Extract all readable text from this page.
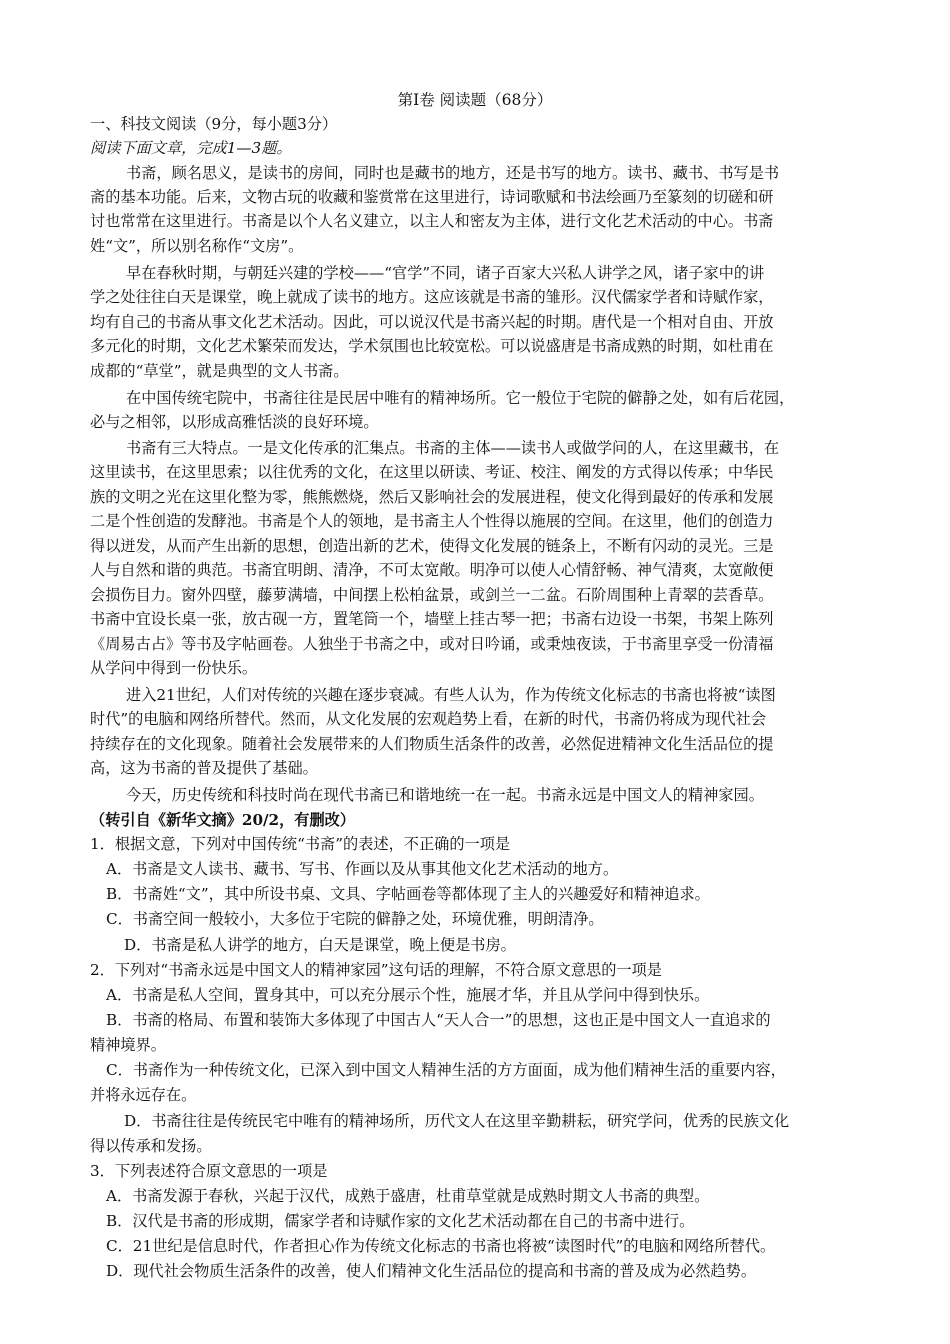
第Ⅰ卷 阅读题（68分）
一、科技文阅读（9分，每小题3分）
阅读下面文章，完成1—3题。
书斋，顾名思义，是读书的房间，同时也是藏书的地方，还是书写的地方。读书、藏书、书写是书
斋的基本功能。后来，文物古玩的收藏和鉴赏常在这里进行，诗词歌赋和书法绘画乃至篆刻的切磋和研
讨也常常在这里进行。书斋是以个人名义建立，以主人和密友为主体，进行文化艺术活动的中心。书斋
姓“文”，所以别名称作“文房”。
早在春秋时期，与朝廷兴建的学校——“官学”不同，诸子百家大兴私人讲学之风，诸子家中的讲
学之处往往白天是课堂，晚上就成了读书的地方。这应该就是书斋的雏形。汉代儒家学者和诗赋作家，
均有自己的书斋从事文化艺术活动。因此，可以说汉代是书斋兴起的时期。唐代是一个相对自由、开放
多元化的时期，文化艺术繁荣而发达，学术氛围也比较宽松。可以说盛唐是书斋成熟的时期，如杜甫在
成都的“草堂”，就是典型的文人书斋。
在中国传统宅院中，书斋往往是民居中唯有的精神场所。它一般位于宅院的僻静之处，如有后花园，
必与之相邻，以形成高雅恬淡的良好环境。
书斋有三大特点。一是文化传承的汇集点。书斋的主体——读书人或做学问的人，在这里藏书，在
这里读书，在这里思索；以往优秀的文化，在这里以研读、考证、校注、阐发的方式得以传承；中华民
族的文明之光在这里化整为零，熊熊燃烧，然后又影响社会的发展进程，使文化得到最好的传承和发展
二是个性创造的发酵池。书斋是个人的领地，是书斋主人个性得以施展的空间。在这里，他们的创造力
得以迸发，从而产生出新的思想，创造出新的艺术，使得文化发展的链条上，不断有闪动的灵光。三是
人与自然和谐的典范。书斋宜明朗、清净，不可太宽敞。明净可以使人心情舒畅、神气清爽，太宽敞便
会损伤目力。窗外四壁，藤萝满墙，中间摆上松柏盆景，或剑兰一二盆。石阶周围种上青翠的芸香草。
书斋中宜设长桌一张，放古砚一方，置笔筒一个，墙壁上挂古琴一把；书斋右边设一书架，书架上陈列
《周易古占》等书及字帖画卷。人独坐于书斋之中，或对日吟诵，或秉烛夜读，于书斋里享受一份清福
从学问中得到一份快乐。
进入21世纪，人们对传统的兴趣在逐步衰减。有些人认为，作为传统文化标志的书斋也将被“读图
时代”的电脑和网络所替代。然而，从文化发展的宏观趋势上看，在新的时代，书斋仍将成为现代社会
持续存在的文化现象。随着社会发展带来的人们物质生活条件的改善，必然促进精神文化生活品位的提
高，这为书斋的普及提供了基础。
今天，历史传统和科技时尚在现代书斋已和谐地统一在一起。书斋永远是中国文人的精神家园。
（转引自《新华文摘》20/2，有删改）
1．根据文意，下列对中国传统“书斋”的表述，不正确的一项是
A．书斋是文人读书、藏书、写书、作画以及从事其他文化艺术活动的地方。
B．书斋姓“文”，其中所设书桌、文具、字帖画卷等都体现了主人的兴趣爱好和精神追求。
C．书斋空间一般较小，大多位于宅院的僻静之处，环境优雅，明朗清净。
D．书斋是私人讲学的地方，白天是课堂，晚上便是书房。
2．下列对“书斋永远是中国文人的精神家园”这句话的理解，不符合原文意思的一项是
A．书斋是私人空间，置身其中，可以充分展示个性，施展才华，并且从学问中得到快乐。
B．书斋的格局、布置和装饰大多体现了中国古人“天人合一”的思想，这也正是中国文人一直追求的
精神境界。
C．书斋作为一种传统文化，已深入到中国文人精神生活的方方面面，成为他们精神生活的重要内容，
并将永远存在。
D．书斋往往是传统民宅中唯有的精神场所，历代文人在这里辛勤耕耘，研究学问，优秀的民族文化
得以传承和发扬。
3．下列表述符合原文意思的一项是
A．书斋发源于春秋，兴起于汉代，成熟于盛唐，杜甫草堂就是成熟时期文人书斋的典型。
B．汉代是书斋的形成期，儒家学者和诗赋作家的文化艺术活动都在自己的书斋中进行。
C．21世纪是信息时代，作者担心作为传统文化标志的书斋也将被“读图时代”的电脑和网络所替代。
D．现代社会物质生活条件的改善，使人们精神文化生活品位的提高和书斋的普及成为必然趋势。
